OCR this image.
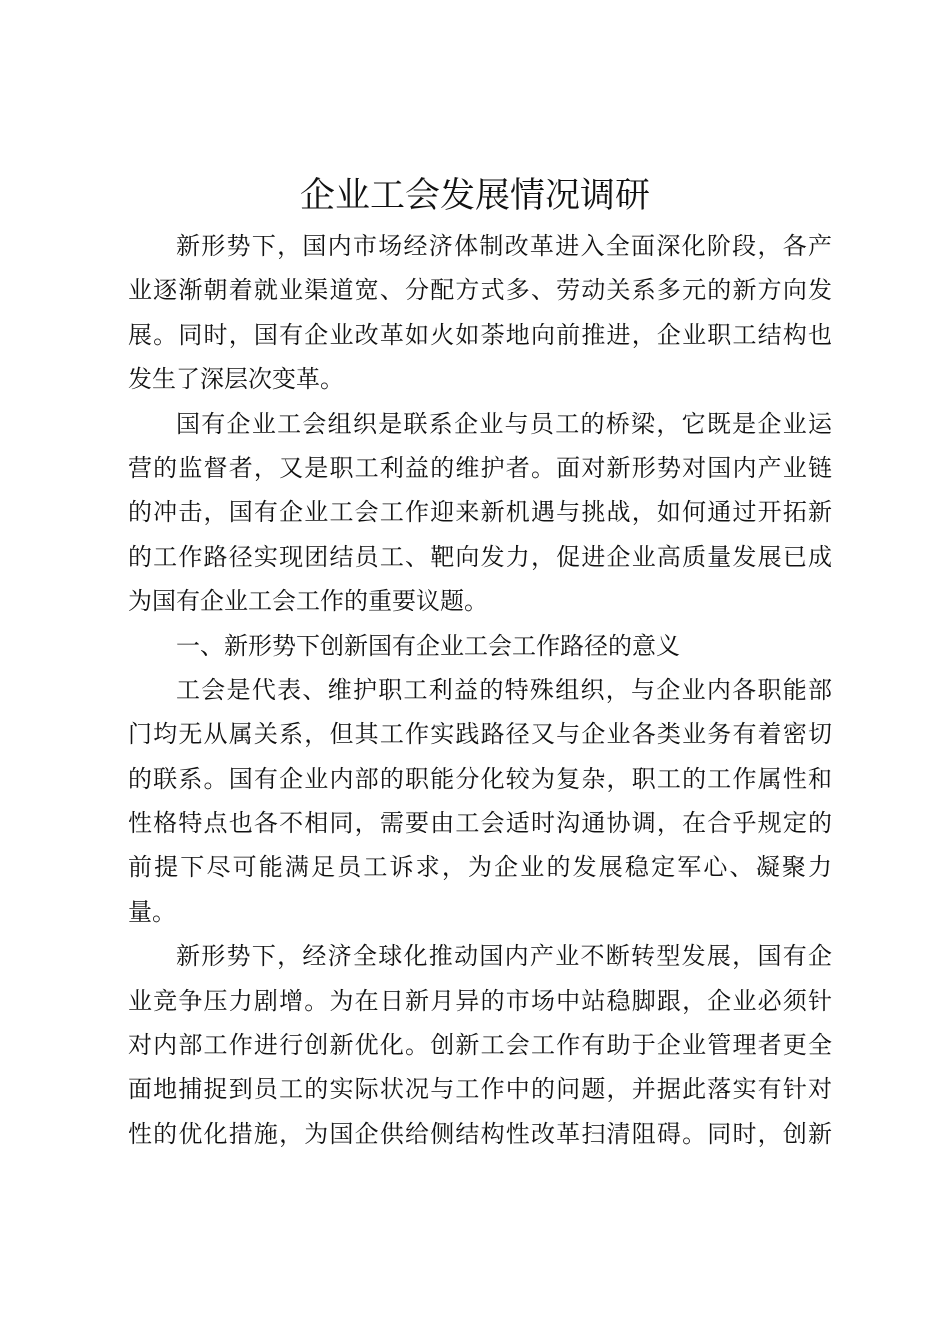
企业工会发展情况调研
新形势下，国内市场经济体制改革进入全面深化阶段，各产
业逐渐朝着就业渠道宽、分配方式多、劳动关系多元的新方向发
展。同时，国有企业改革如火如荼地向前推进，企业职工结构也
发生了深层次变革。
国有企业工会组织是联系企业与员工的桥梁，它既是企业运
营的监督者，又是职工利益的维护者。面对新形势对国内产业链
的冲击，国有企业工会工作迎来新机遇与挑战，如何通过开拓新
的工作路径实现团结员工、靶向发力，促进企业高质量发展已成
为国有企业工会工作的重要议题。
一、新形势下创新国有企业工会工作路径的意义
工会是代表、维护职工利益的特殊组织，与企业内各职能部
门均无从属关系，但其工作实践路径又与企业各类业务有着密切
的联系。国有企业内部的职能分化较为复杂，职工的工作属性和
性格特点也各不相同，需要由工会适时沟通协调，在合乎规定的
前提下尽可能满足员工诉求，为企业的发展稳定军心、凝聚力
量。
新形势下，经济全球化推动国内产业不断转型发展，国有企
业竞争压力剧增。为在日新月异的市场中站稳脚跟，企业必须针
对内部工作进行创新优化。创新工会工作有助于企业管理者更全
面地捕捉到员工的实际状况与工作中的问题，并据此落实有针对
性的优化措施，为国企供给侧结构性改革扫清阻碍。同时，创新
